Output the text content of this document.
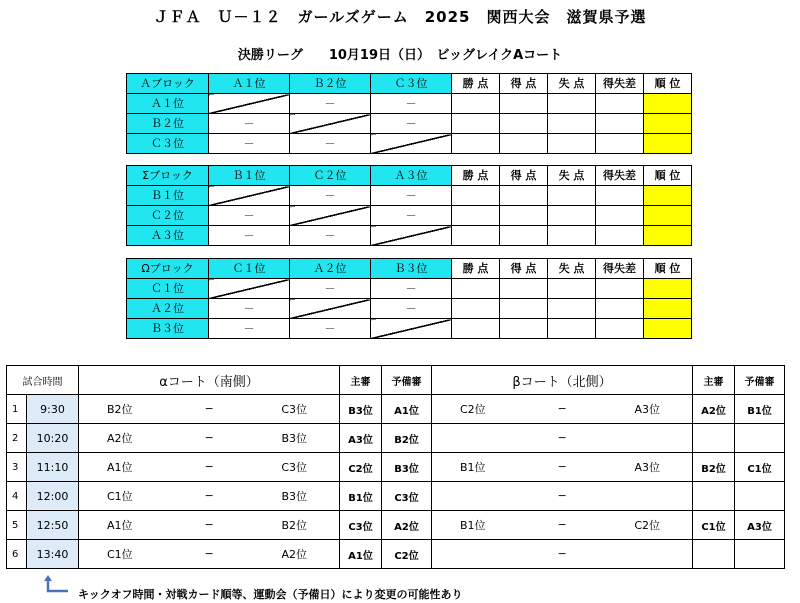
ＪＦＡ　Ｕ－１２　ガールズゲーム　2025　関西大会　滋賀県予選
決勝リーグ　　10月19日（日）　ビッグレイクAコート
Ａブロック	Ａ１位	Ｂ２位	Ｃ３位	勝 点	得 点	失 点	得失差	順 位
Ａ１位		－	－					
Ｂ２位	－		－					
Ｃ３位	－	－						
Σブロック	Ｂ１位	Ｃ２位	Ａ３位	勝 点	得 点	失 点	得失差	順 位
Ｂ１位		－	－					
Ｃ２位	－		－					
Ａ３位	－	－						
Ωブロック	Ｃ１位	Ａ２位	Ｂ３位	勝 点	得 点	失 点	得失差	順 位
Ｃ１位		－	－					
Ａ２位	－		－					
Ｂ３位	－	－						
試合時間		αコート（南側）	主審	予備審	βコート（北側）	主審	予備審
1	9:30	B2位 ─ C3位	B3位	A1位	C2位 ─ A3位	A2位	B1位
2	10:20	A2位 ─ B3位	A3位	B2位	─		

3	11:10	A1位 ─ C3位	C2位	B3位	B1位 ─ A3位	B2位	C1位
4	12:00	C1位 ─ B3位	B1位	C3位	─		

5	12:50	A1位 ─ B2位	C3位	A2位	B1位 ─ C2位	C1位	A3位
6	13:40	C1位 ─ A2位	A1位	C2位	─		

キックオフ時間・対戦カード順等、運動会（予備日）により変更の可能性あり
